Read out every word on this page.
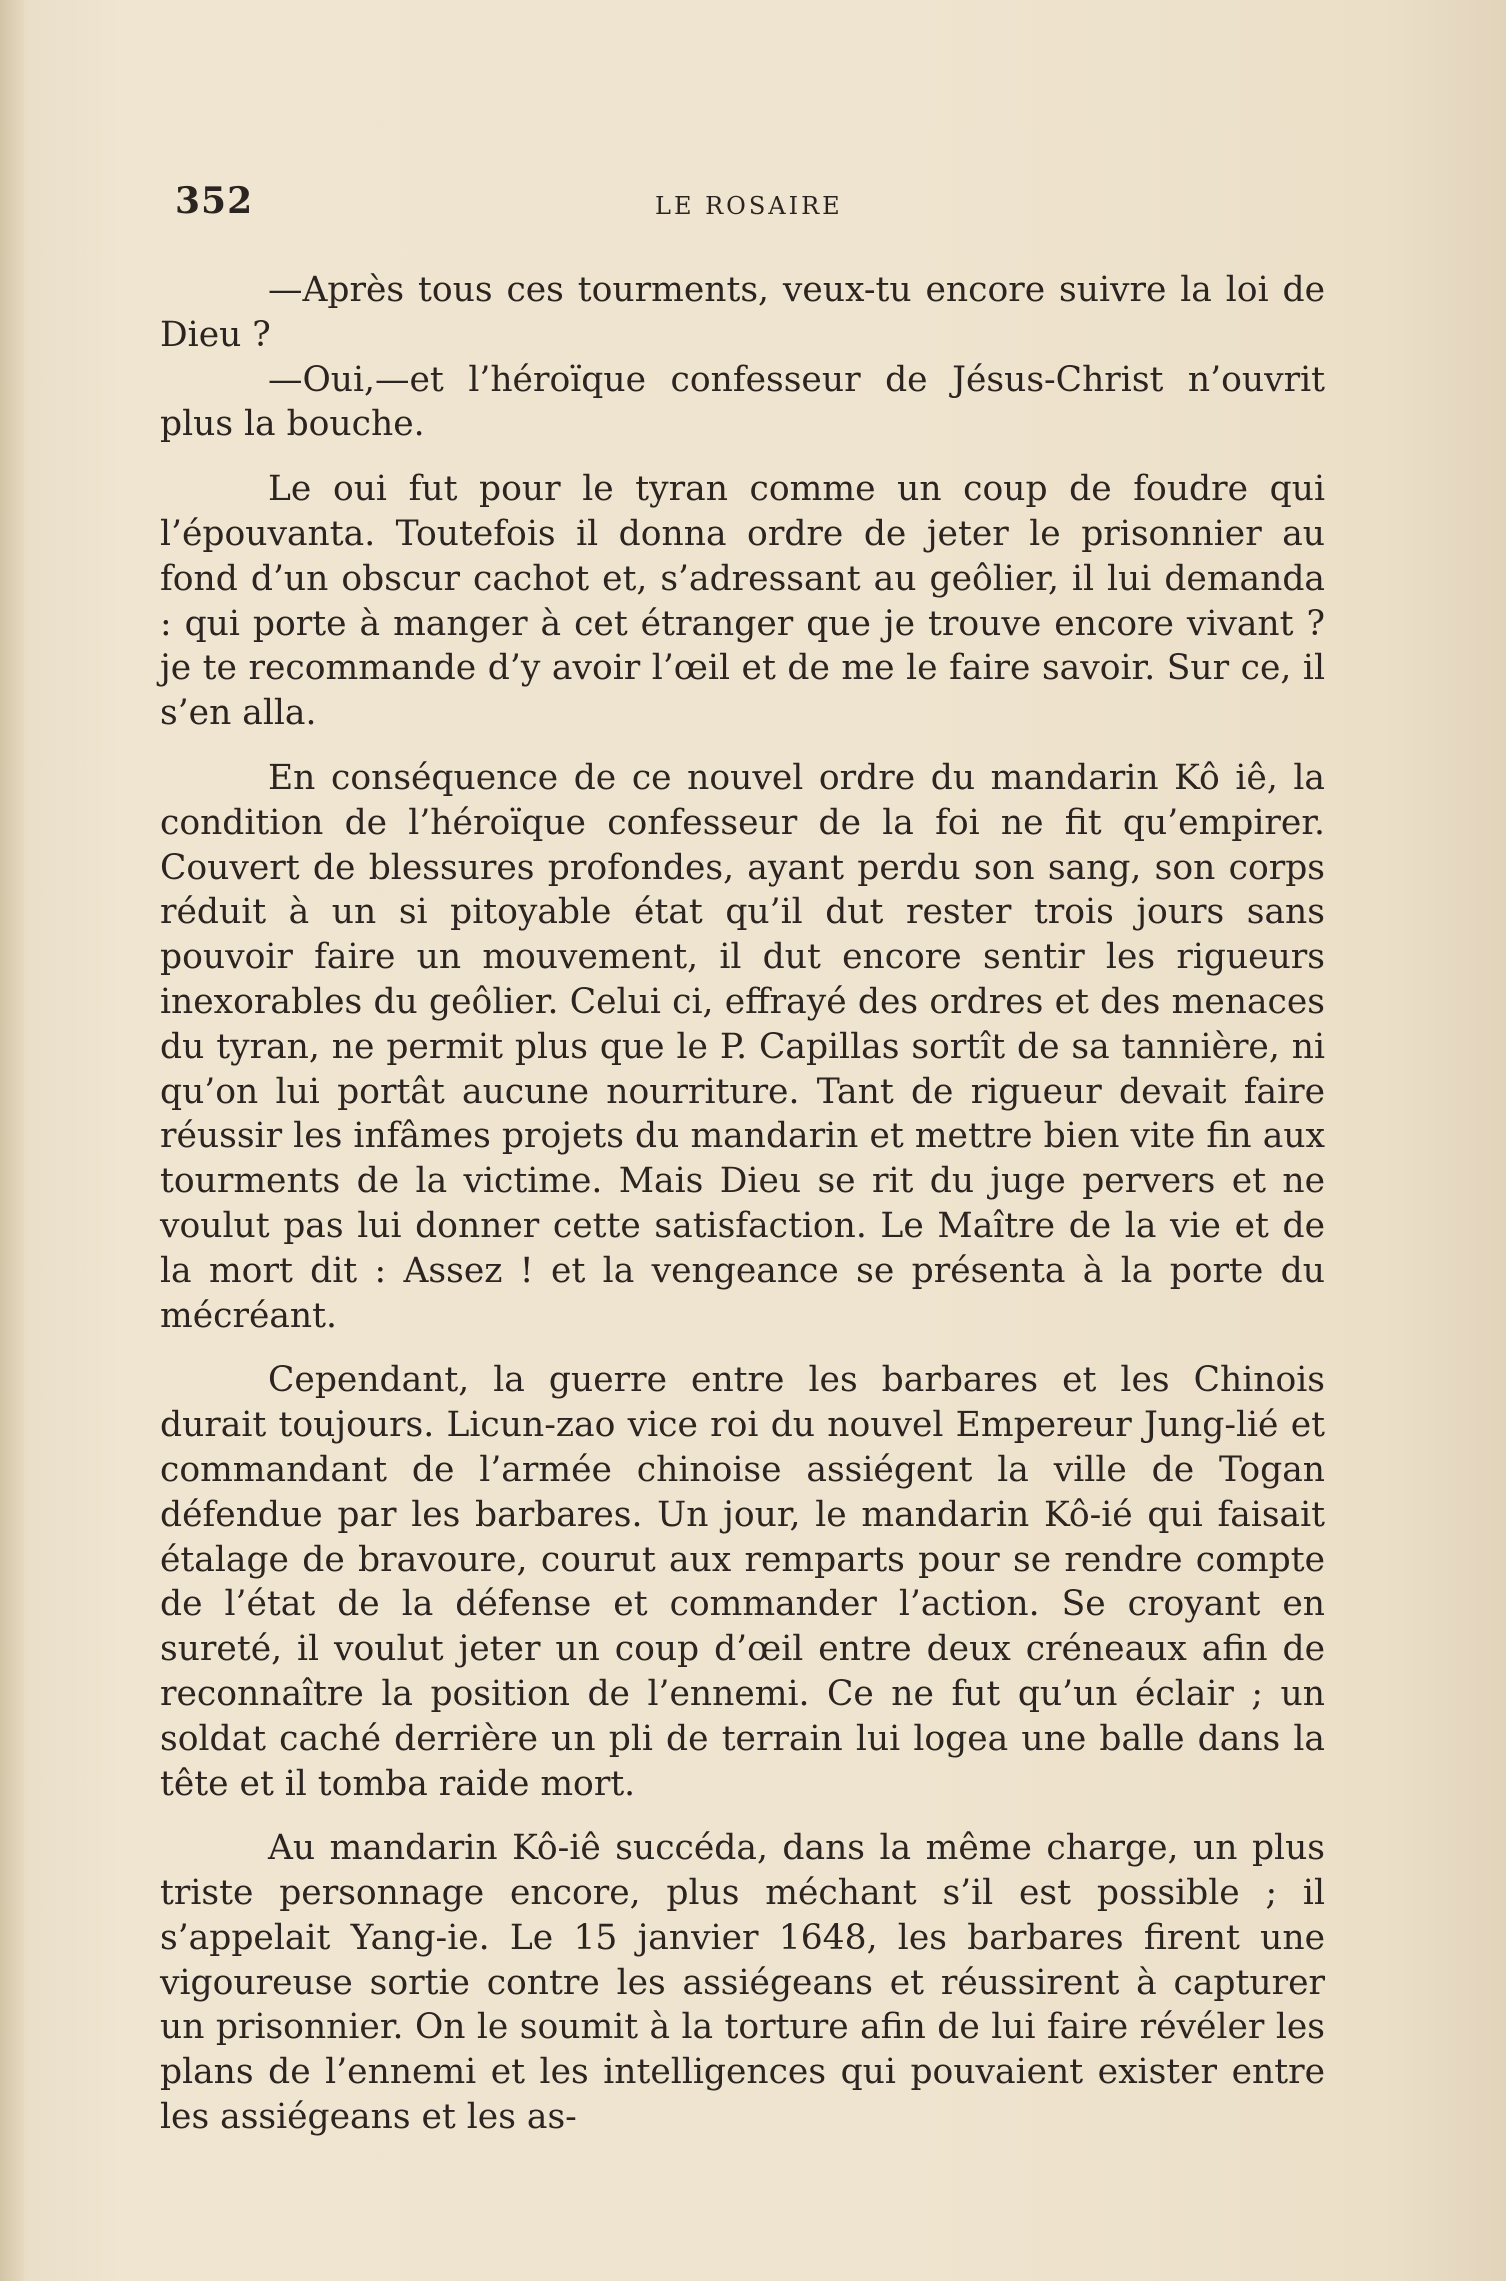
352	LE ROSAIRE

—Après tous ces tourments, veux-tu encore suivre la loi de Dieu ?

—Oui,—et l’héroïque confesseur de Jésus-Christ n’ouvrit plus la bouche.

Le oui fut pour le tyran comme un coup de foudre qui l’épouvanta. Toutefois il donna ordre de jeter le prisonnier au fond d’un obscur cachot et, s’adressant au geôlier, il lui demanda : qui porte à manger à cet étranger que je trouve encore vivant ? je te recommande d’y avoir l’œil et de me le faire savoir. Sur ce, il s’en alla.

En conséquence de ce nouvel ordre du mandarin Kô iê, la condition de l’héroïque confesseur de la foi ne fit qu’empirer. Couvert de blessures profondes, ayant perdu son sang, son corps réduit à un si pitoyable état qu’il dut rester trois jours sans pouvoir faire un mouvement, il dut encore sentir les rigueurs inexorables du geôlier. Celui ci, effrayé des ordres et des menaces du tyran, ne permit plus que le P. Capillas sortît de sa tannière, ni qu’on lui portât aucune nourriture. Tant de rigueur devait faire réussir les infâmes projets du mandarin et mettre bien vite fin aux tourments de la victime. Mais Dieu se rit du juge pervers et ne voulut pas lui donner cette satisfaction. Le Maître de la vie et de la mort dit : Assez ! et la vengeance se présenta à la porte du mécréant.

Cependant, la guerre entre les barbares et les Chinois durait toujours. Licun-zao vice roi du nouvel Empereur Jung-lié et commandant de l’armée chinoise assiégent la ville de Togan défendue par les barbares. Un jour, le mandarin Kô-ié qui faisait étalage de bravoure, courut aux remparts pour se rendre compte de l’état de la défense et commander l’action. Se croyant en sureté, il voulut jeter un coup d’œil entre deux créneaux afin de reconnaître la position de l’ennemi. Ce ne fut qu’un éclair ; un soldat caché derrière un pli de terrain lui logea une balle dans la tête et il tomba raide mort.

Au mandarin Kô-iê succéda, dans la même charge, un plus triste personnage encore, plus méchant s’il est possible ; il s’appelait Yang-ie. Le 15 janvier 1648, les barbares firent une vigoureuse sortie contre les assiégeans et réussirent à capturer un prisonnier. On le soumit à la torture afin de lui faire révéler les plans de l’ennemi et les intelligences qui pouvaient exister entre les assiégeans et les as-
